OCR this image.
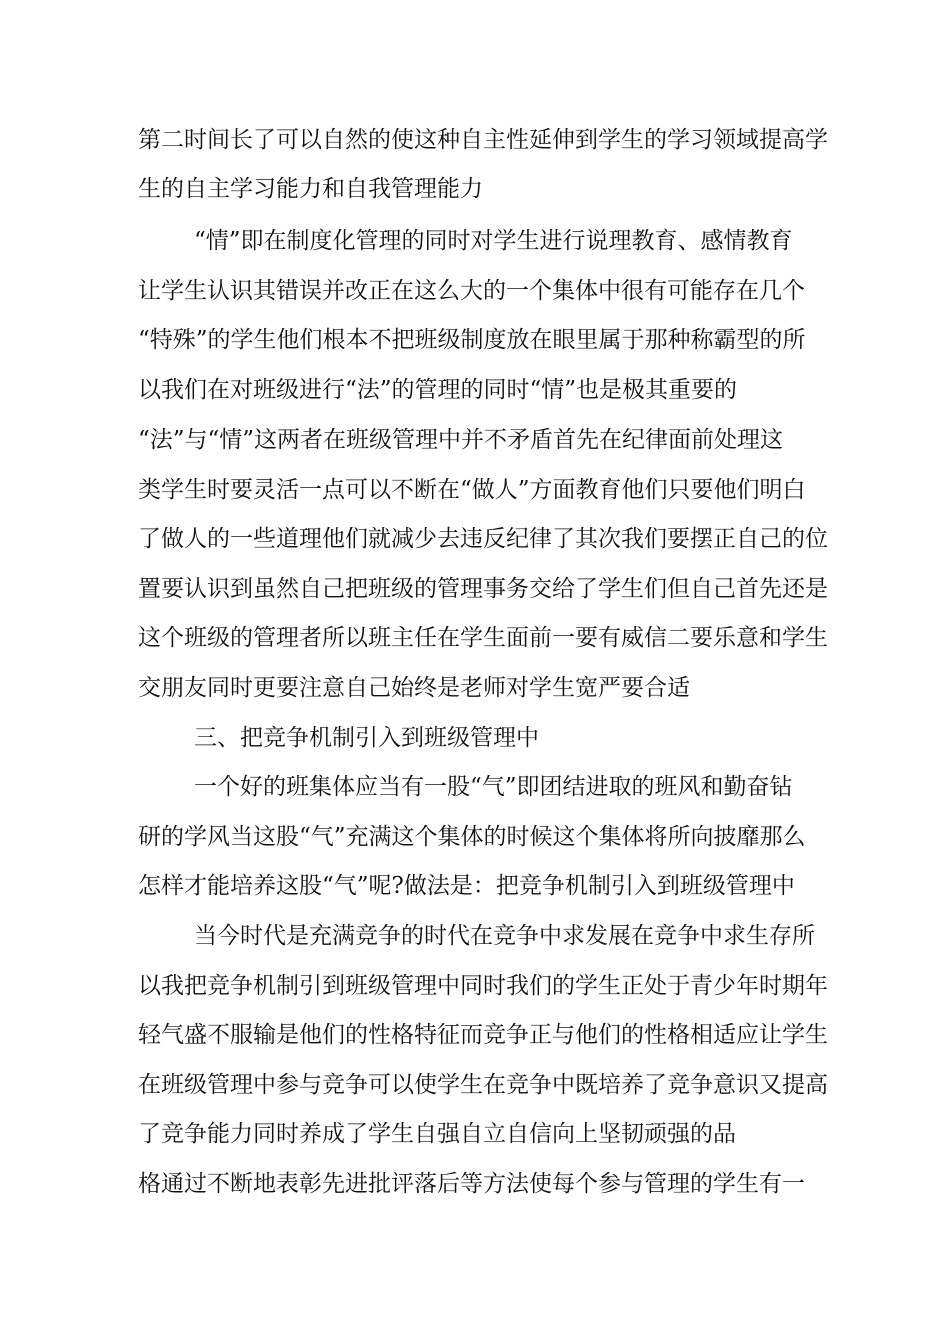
第二时间长了可以自然的使这种自主性延伸到学生的学习领域提高学
生的自主学习能力和自我管理能力
“情”即在制度化管理的同时对学生进行说理教育、感情教育
让学生认识其错误并改正在这么大的一个集体中很有可能存在几个
“特殊”的学生他们根本不把班级制度放在眼里属于那种称霸型的所
以我们在对班级进行“法”的管理的同时“情”也是极其重要的
“法”与“情”这两者在班级管理中并不矛盾首先在纪律面前处理这
类学生时要灵活一点可以不断在“做人”方面教育他们只要他们明白
了做人的一些道理他们就减少去违反纪律了其次我们要摆正自己的位
置要认识到虽然自己把班级的管理事务交给了学生们但自己首先还是
这个班级的管理者所以班主任在学生面前一要有威信二要乐意和学生
交朋友同时更要注意自己始终是老师对学生宽严要合适
三、把竞争机制引入到班级管理中
一个好的班集体应当有一股“气”即团结进取的班风和勤奋钻
研的学风当这股“气”充满这个集体的时候这个集体将所向披靡那么
怎样才能培养这股“气”呢?做法是：把竞争机制引入到班级管理中
当今时代是充满竞争的时代在竞争中求发展在竞争中求生存所
以我把竞争机制引到班级管理中同时我们的学生正处于青少年时期年
轻气盛不服输是他们的性格特征而竞争正与他们的性格相适应让学生
在班级管理中参与竞争可以使学生在竞争中既培养了竞争意识又提高
了竞争能力同时养成了学生自强自立自信向上坚韧顽强的品
格通过不断地表彰先进批评落后等方法使每个参与管理的学生有一
